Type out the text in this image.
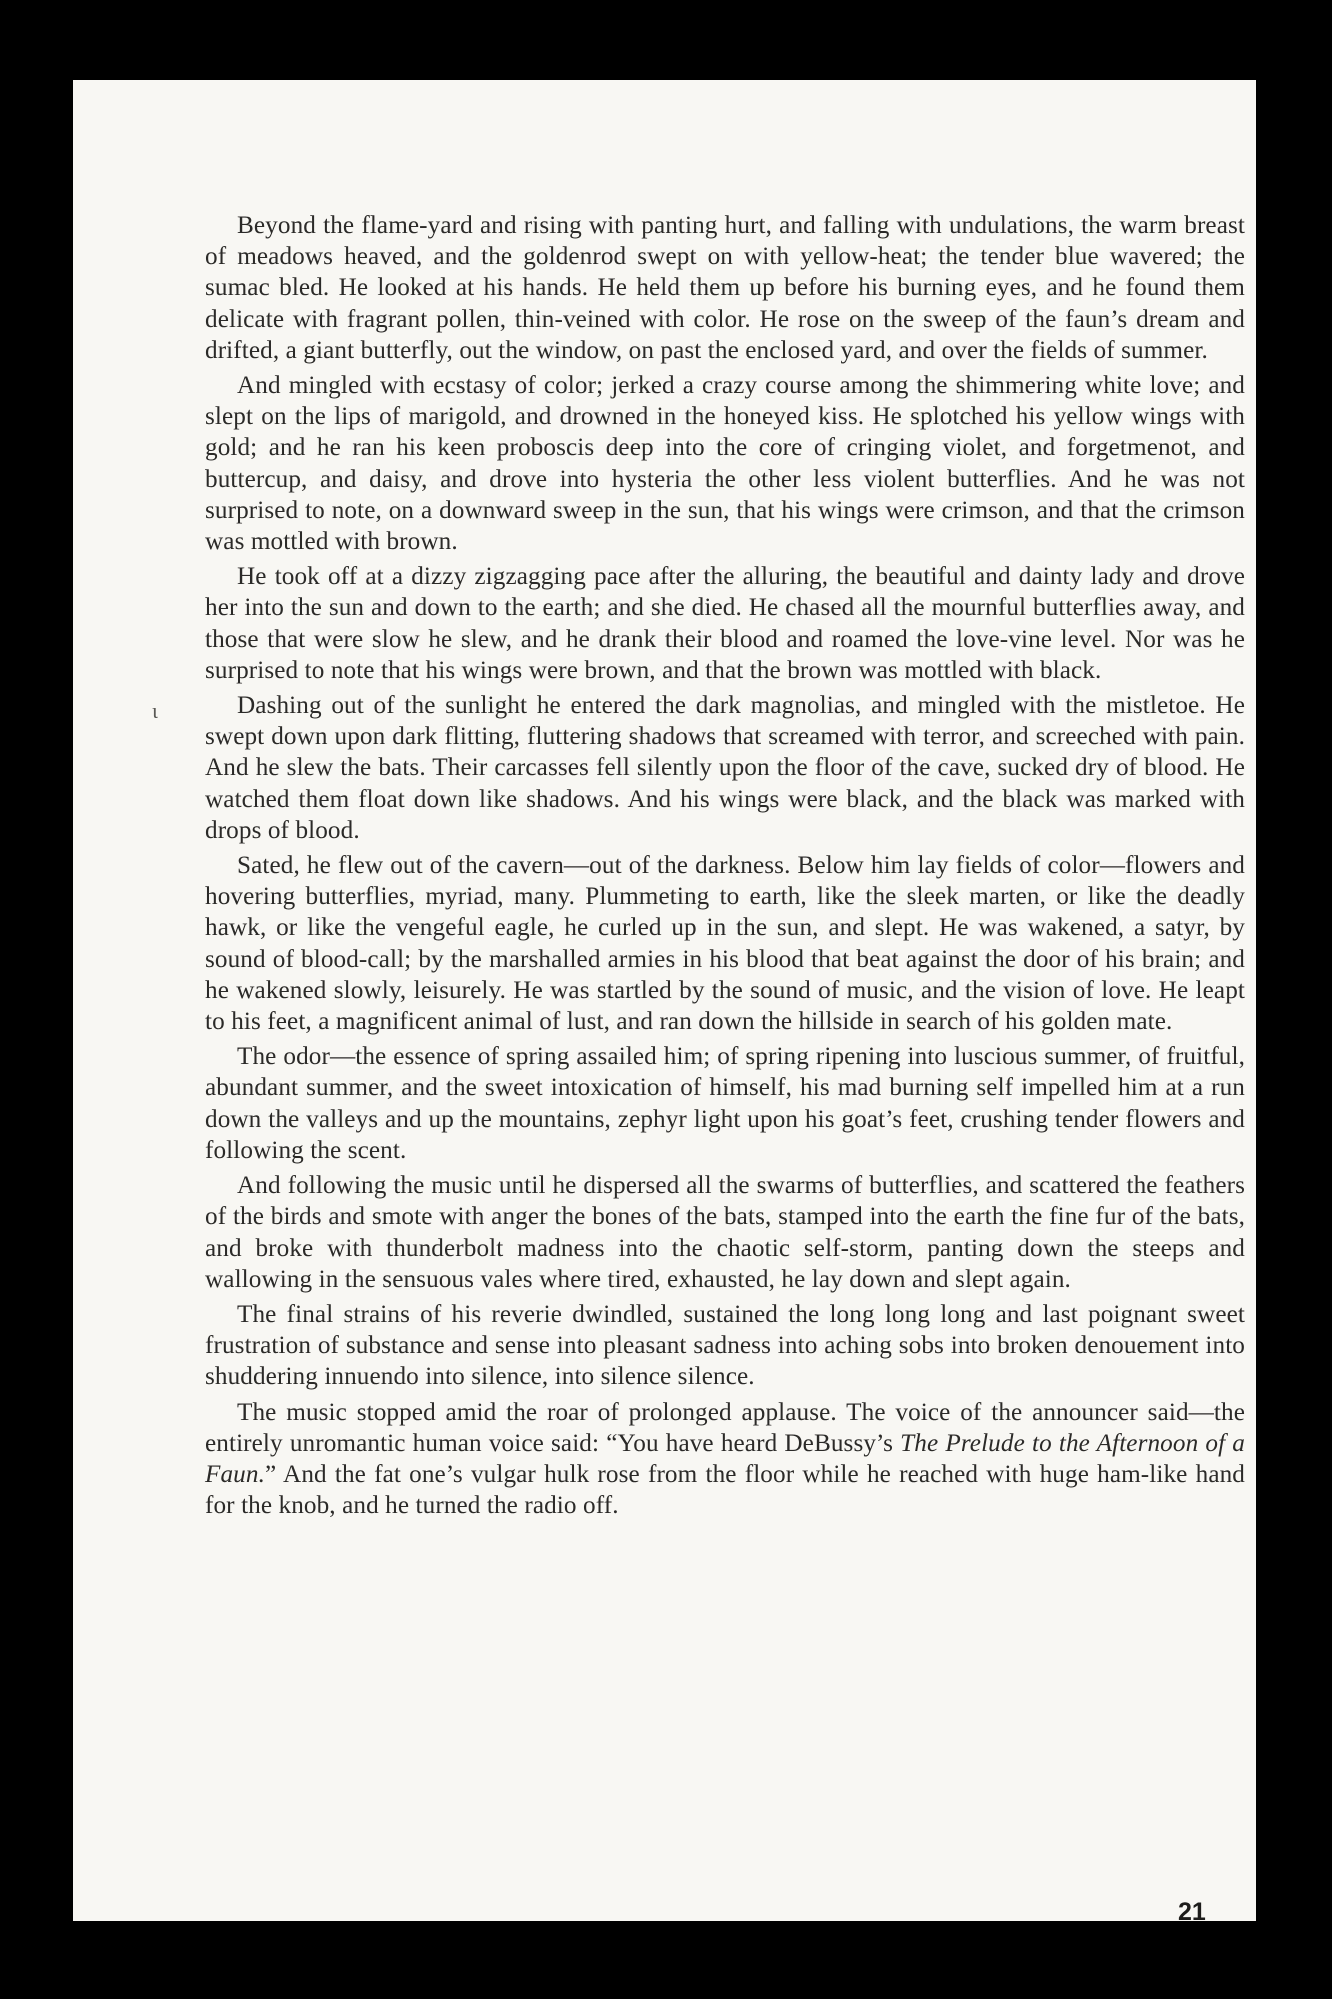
ι

Beyond the flame-yard and rising with panting hurt, and falling with undulations, the warm breast of meadows heaved, and the goldenrod swept on with yellow-heat; the tender blue wavered; the sumac bled. He looked at his hands. He held them up before his burning eyes, and he found them delicate with fragrant pollen, thin-veined with color. He rose on the sweep of the faun’s dream and drifted, a giant butterfly, out the window, on past the enclosed yard, and over the fields of summer.

And mingled with ecstasy of color; jerked a crazy course among the shimmering white love; and slept on the lips of marigold, and drowned in the honeyed kiss. He splotched his yellow wings with gold; and he ran his keen proboscis deep into the core of cringing violet, and forgetmenot, and buttercup, and daisy, and drove into hysteria the other less violent butterflies. And he was not surprised to note, on a downward sweep in the sun, that his wings were crimson, and that the crimson was mottled with brown.

He took off at a dizzy zigzagging pace after the alluring, the beautiful and dainty lady and drove her into the sun and down to the earth; and she died. He chased all the mournful butterflies away, and those that were slow he slew, and he drank their blood and roamed the love-vine level. Nor was he surprised to note that his wings were brown, and that the brown was mottled with black.

Dashing out of the sunlight he entered the dark magnolias, and mingled with the mistletoe. He swept down upon dark flitting, fluttering shadows that screamed with terror, and screeched with pain. And he slew the bats. Their carcasses fell silently upon the floor of the cave, sucked dry of blood. He watched them float down like shadows. And his wings were black, and the black was marked with drops of blood.

Sated, he flew out of the cavern—out of the darkness. Below him lay fields of color—flowers and hovering butterflies, myriad, many. Plummeting to earth, like the sleek marten, or like the deadly hawk, or like the vengeful eagle, he curled up in the sun, and slept. He was wakened, a satyr, by sound of blood-call; by the marshalled armies in his blood that beat against the door of his brain; and he wakened slowly, leisurely. He was startled by the sound of music, and the vision of love. He leapt to his feet, a magnificent animal of lust, and ran down the hillside in search of his golden mate.

The odor—the essence of spring assailed him; of spring ripening into luscious summer, of fruitful, abundant summer, and the sweet intoxication of himself, his mad burning self impelled him at a run down the valleys and up the mountains, zephyr light upon his goat’s feet, crushing tender flowers and following the scent.

And following the music until he dispersed all the swarms of butterflies, and scattered the feathers of the birds and smote with anger the bones of the bats, stamped into the earth the fine fur of the bats, and broke with thunderbolt madness into the chaotic self-storm, panting down the steeps and wallowing in the sensuous vales where tired, exhausted, he lay down and slept again.

The final strains of his reverie dwindled, sustained the long long long and last poignant sweet frustration of substance and sense into pleasant sadness into aching sobs into broken denouement into shuddering innuendo into silence, into silence silence.

The music stopped amid the roar of prolonged applause. The voice of the announcer said—the entirely unromantic human voice said: “You have heard DeBussy’s The Prelude to the Afternoon of a Faun.” And the fat one’s vulgar hulk rose from the floor while he reached with huge ham-like hand for the knob, and he turned the radio off.

21
